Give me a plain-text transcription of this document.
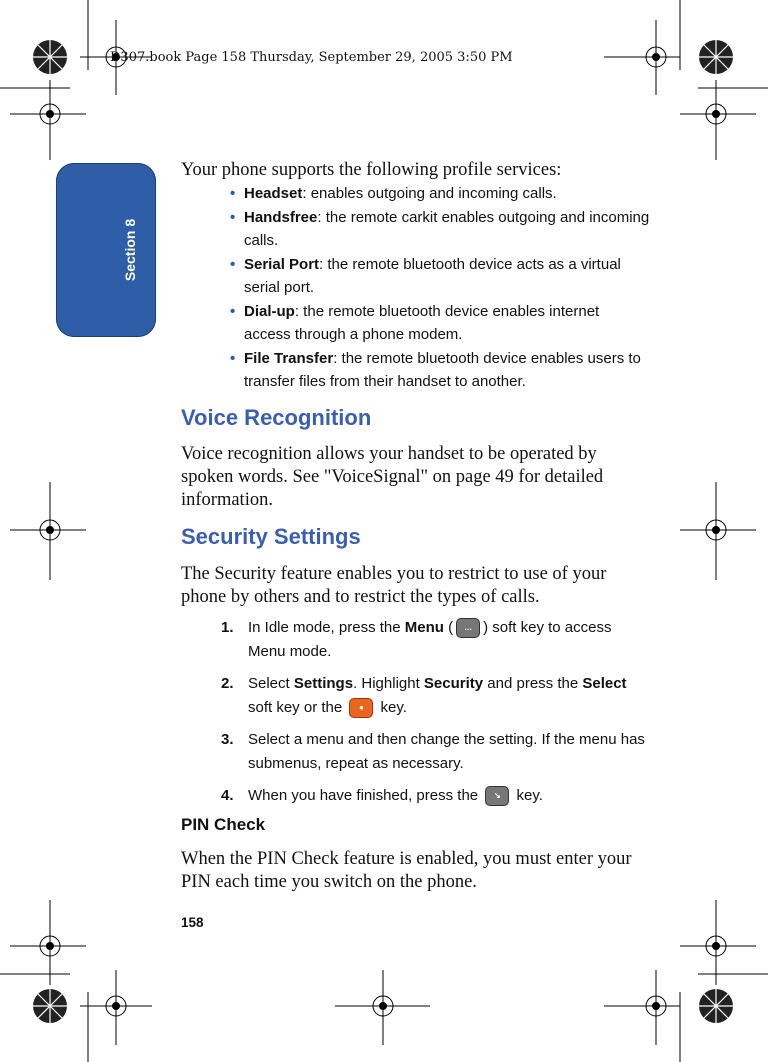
D307.book Page 158 Thursday, September 29, 2005 3:50 PM
Section 8
Your phone supports the following profile services:
• Headset: enables outgoing and incoming calls.
• Handsfree: the remote carkit enables outgoing and incoming calls.
• Serial Port: the remote bluetooth device acts as a virtual serial port.
• Dial-up: the remote bluetooth device enables internet access through a phone modem.
• File Transfer: the remote bluetooth device enables users to transfer files from their handset to another.
Voice Recognition
Voice recognition allows your handset to be operated by spoken words. See "VoiceSignal" on page 49 for detailed information.
Security Settings
The Security feature enables you to restrict to use of your phone by others and to restrict the types of calls.
1. In Idle mode, press the Menu ( … ) soft key to access Menu mode.
2. Select Settings. Highlight Security and press the Select soft key or the ● key.
3. Select a menu and then change the setting. If the menu has submenus, repeat as necessary.
4. When you have finished, press the ↘ key.
PIN Check
When the PIN Check feature is enabled, you must enter your PIN each time you switch on the phone.
158
